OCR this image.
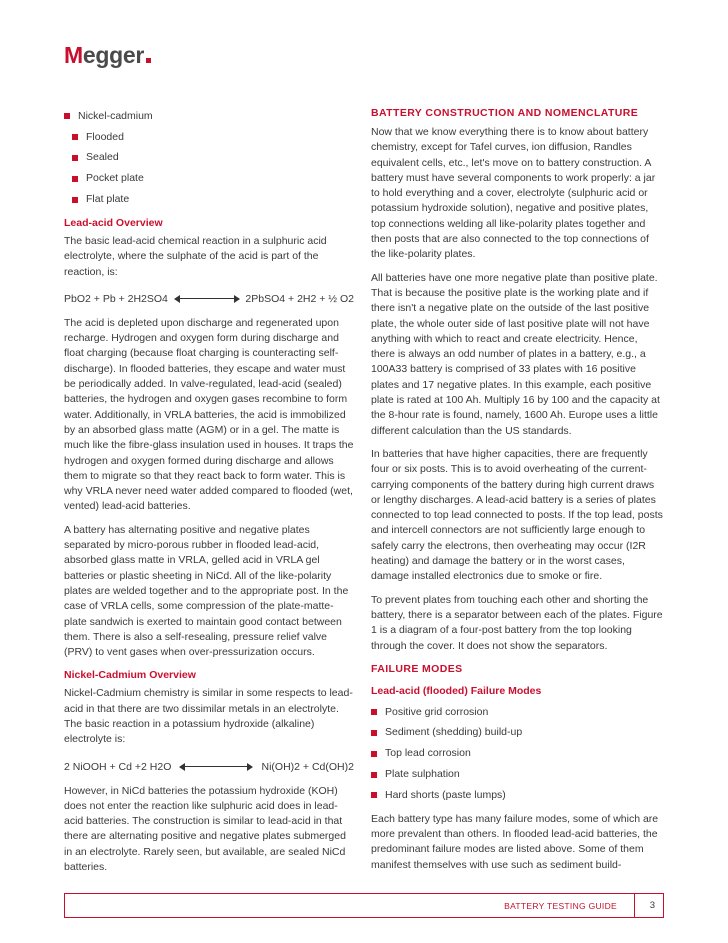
Megger
Nickel-cadmium
Flooded
Sealed
Pocket plate
Flat plate
Lead-acid Overview

The basic lead-acid chemical reaction in a sulphuric acid electrolyte, where the sulphate of the acid is part of the reaction, is:

PbO2 + Pb + 2H2SO4	2PbSO4 + 2H2 + ½ O2

The acid is depleted upon discharge and regenerated upon recharge. Hydrogen and oxygen form during discharge and float charging (because float charging is counteracting self-discharge). In flooded batteries, they escape and water must be periodically added. In valve-regulated, lead-acid (sealed) batteries, the hydrogen and oxygen gases recombine to form water. Additionally, in VRLA batteries, the acid is immobilized by an absorbed glass matte (AGM) or in a gel. The matte is much like the fibre-glass insulation used in houses. It traps the hydrogen and oxygen formed during discharge and allows them to migrate so that they react back to form water. This is why VRLA never need water added compared to flooded (wet, vented) lead-acid batteries.

A battery has alternating positive and negative plates separated by micro-porous rubber in flooded lead-acid, absorbed glass matte in VRLA, gelled acid in VRLA gel batteries or plastic sheeting in NiCd. All of the like-polarity plates are welded together and to the appropriate post. In the case of VRLA cells, some compression of the plate-matte-plate sandwich is exerted to maintain good contact between them. There is also a self-resealing, pressure relief valve (PRV) to vent gases when over-pressurization occurs.

Nickel-Cadmium Overview

Nickel-Cadmium chemistry is similar in some respects to lead-acid in that there are two dissimilar metals in an electrolyte. The basic reaction in a potassium hydroxide (alkaline) electrolyte is:

2 NiOOH + Cd +2 H2O	Ni(OH)2 + Cd(OH)2

However, in NiCd batteries the potassium hydroxide (KOH) does not enter the reaction like sulphuric acid does in lead-acid batteries. The construction is similar to lead-acid in that there are alternating positive and negative plates submerged in an electrolyte. Rarely seen, but available, are sealed NiCd batteries.

BATTERY CONSTRUCTION AND NOMENCLATURE

Now that we know everything there is to know about battery chemistry, except for Tafel curves, ion diffusion, Randles equivalent cells, etc., let's move on to battery construction. A battery must have several components to work properly: a jar to hold everything and a cover, electrolyte (sulphuric acid or potassium hydroxide solution), negative and positive plates, top connections welding all like-polarity plates together and then posts that are also connected to the top connections of the like-polarity plates.

All batteries have one more negative plate than positive plate. That is because the positive plate is the working plate and if there isn't a negative plate on the outside of the last positive plate, the whole outer side of last positive plate will not have anything with which to react and create electricity. Hence, there is always an odd number of plates in a battery, e.g., a 100A33 battery is comprised of 33 plates with 16 positive plates and 17 negative plates. In this example, each positive plate is rated at 100 Ah. Multiply 16 by 100 and the capacity at the 8-hour rate is found, namely, 1600 Ah. Europe uses a little different calculation than the US standards.

In batteries that have higher capacities, there are frequently four or six posts. This is to avoid overheating of the current-carrying components of the battery during high current draws or lengthy discharges. A lead-acid battery is a series of plates connected to top lead connected to posts. If the top lead, posts and intercell connectors are not sufficiently large enough to safely carry the electrons, then overheating may occur (I2R heating) and damage the battery or in the worst cases, damage installed electronics due to smoke or fire.

To prevent plates from touching each other and shorting the battery, there is a separator between each of the plates. Figure 1 is a diagram of a four-post battery from the top looking through the cover. It does not show the separators.

FAILURE MODES
Lead-acid (flooded) Failure Modes
Positive grid corrosion
Sediment (shedding) build-up
Top lead corrosion
Plate sulphation
Hard shorts (paste lumps)

Each battery type has many failure modes, some of which are more prevalent than others. In flooded lead-acid batteries, the predominant failure modes are listed above. Some of them manifest themselves with use such as sediment build-

BATTERY TESTING GUIDE	3
